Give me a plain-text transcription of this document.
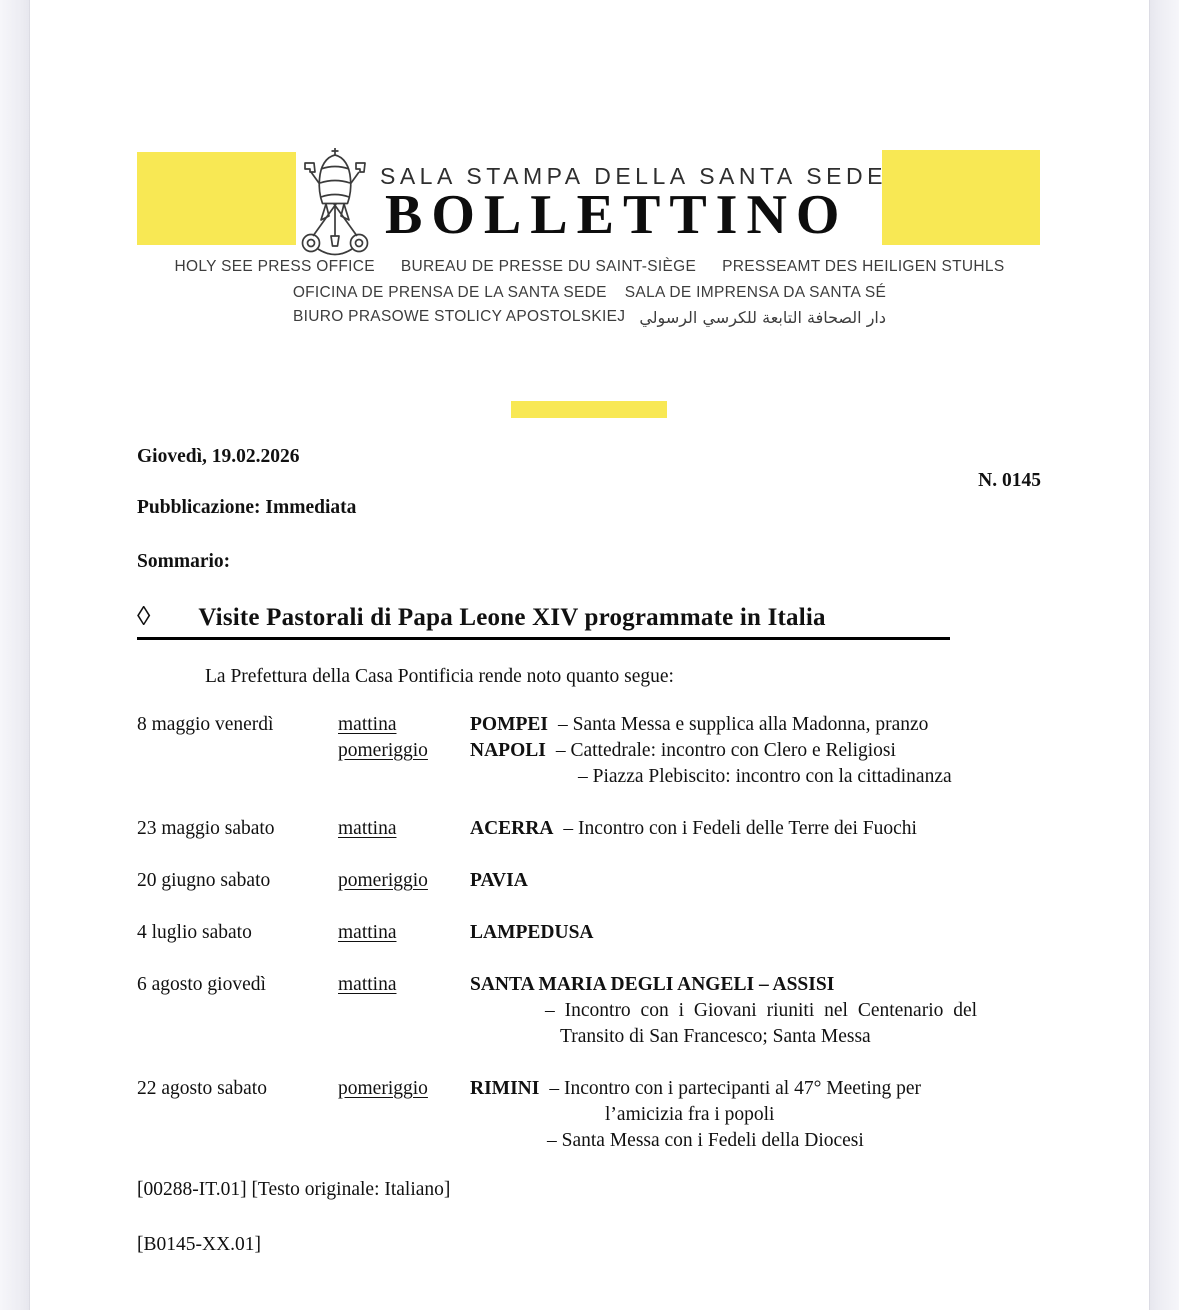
SALA STAMPA DELLA SANTA SEDE
BOLLETTINO
HOLY SEE PRESS OFFICE BUREAU DE PRESSE DU SAINT-SIÈGE PRESSEAMT DES HEILIGEN STUHLS
OFICINA DE PRENSA DE LA SANTA SEDE SALA DE IMPRENSA DA SANTA SÉ
BIURO PRASOWE STOLICY APOSTOLSKIEJ دار الصحافة التابعة للكرسي الرسولي
Giovedì, 19.02.2026
N. 0145
Pubblicazione: Immediata
Sommario:
◊ Visite Pastorali di Papa Leone XIV programmate in Italia
La Prefettura della Casa Pontificia rende noto quanto segue:
8 maggio venerdì	mattina	POMPEI – Santa Messa e supplica alla Madonna, pranzo
pomeriggio NAPOLI – Cattedrale: incontro con Clero e Religiosi
– Piazza Plebiscito: incontro con la cittadinanza
23 maggio sabato	mattina	ACERRA – Incontro con i Fedeli delle Terre dei Fuochi
20 giugno sabato	pomeriggio PAVIA
4 luglio sabato	mattina	LAMPEDUSA
6 agosto giovedì	mattina	SANTA MARIA DEGLI ANGELI – ASSISI
– Incontro con i Giovani riuniti nel Centenario del
Transito di San Francesco; Santa Messa
22 agosto sabato	pomeriggio RIMINI – Incontro con i partecipanti al 47° Meeting per
l’amicizia fra i popoli
– Santa Messa con i Fedeli della Diocesi
[00288-IT.01] [Testo originale: Italiano]
[B0145-XX.01]
